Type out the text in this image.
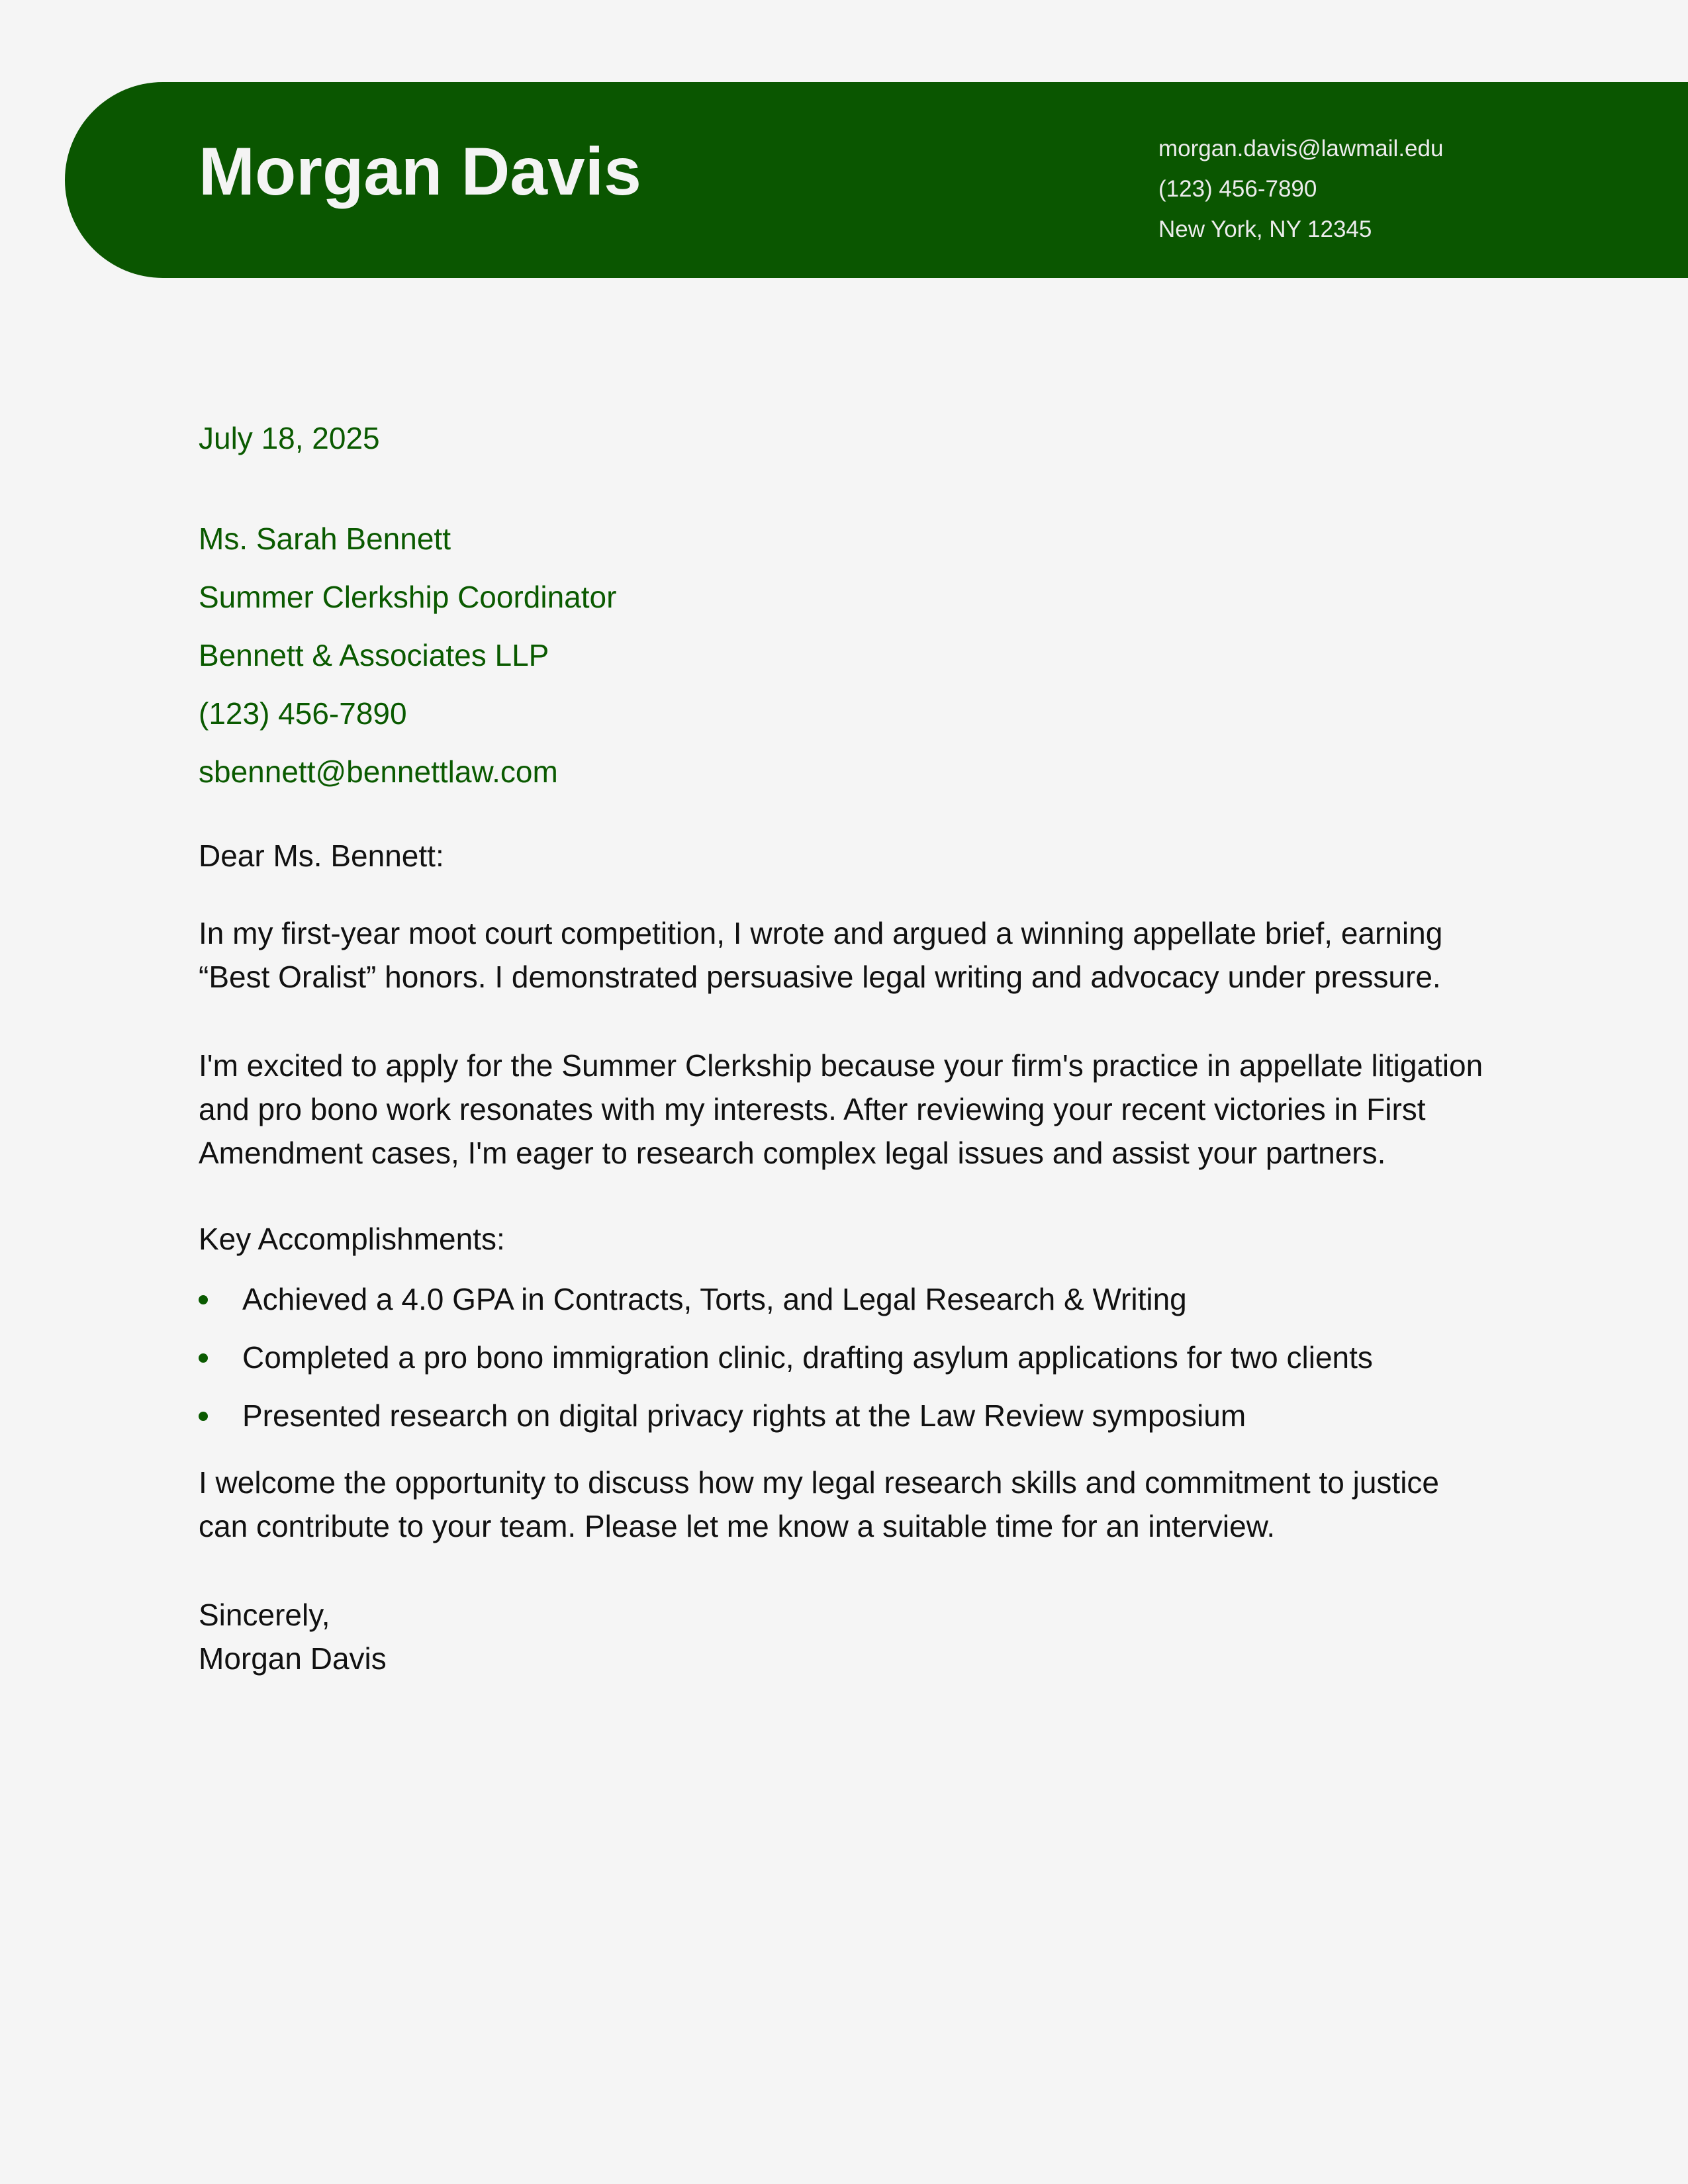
Morgan Davis	morgan.davis@lawmail.edu
(123) 456-7890
New York, NY 12345

July 18, 2025

Ms. Sarah Bennett
Summer Clerkship Coordinator
Bennett & Associates LLP
(123) 456-7890
sbennett@bennettlaw.com

Dear Ms. Bennett:

In my first-year moot court competition, I wrote and argued a winning appellate brief, earning “Best Oralist” honors. I demonstrated persuasive legal writing and advocacy under pressure.

I'm excited to apply for the Summer Clerkship because your firm's practice in appellate litigation and pro bono work resonates with my interests. After reviewing your recent victories in First Amendment cases, I'm eager to research complex legal issues and assist your partners.

Key Accomplishments:

Achieved a 4.0 GPA in Contracts, Torts, and Legal Research & Writing
Completed a pro bono immigration clinic, drafting asylum applications for two clients
Presented research on digital privacy rights at the Law Review symposium

I welcome the opportunity to discuss how my legal research skills and commitment to justice can contribute to your team. Please let me know a suitable time for an interview.

Sincerely,

Morgan Davis
